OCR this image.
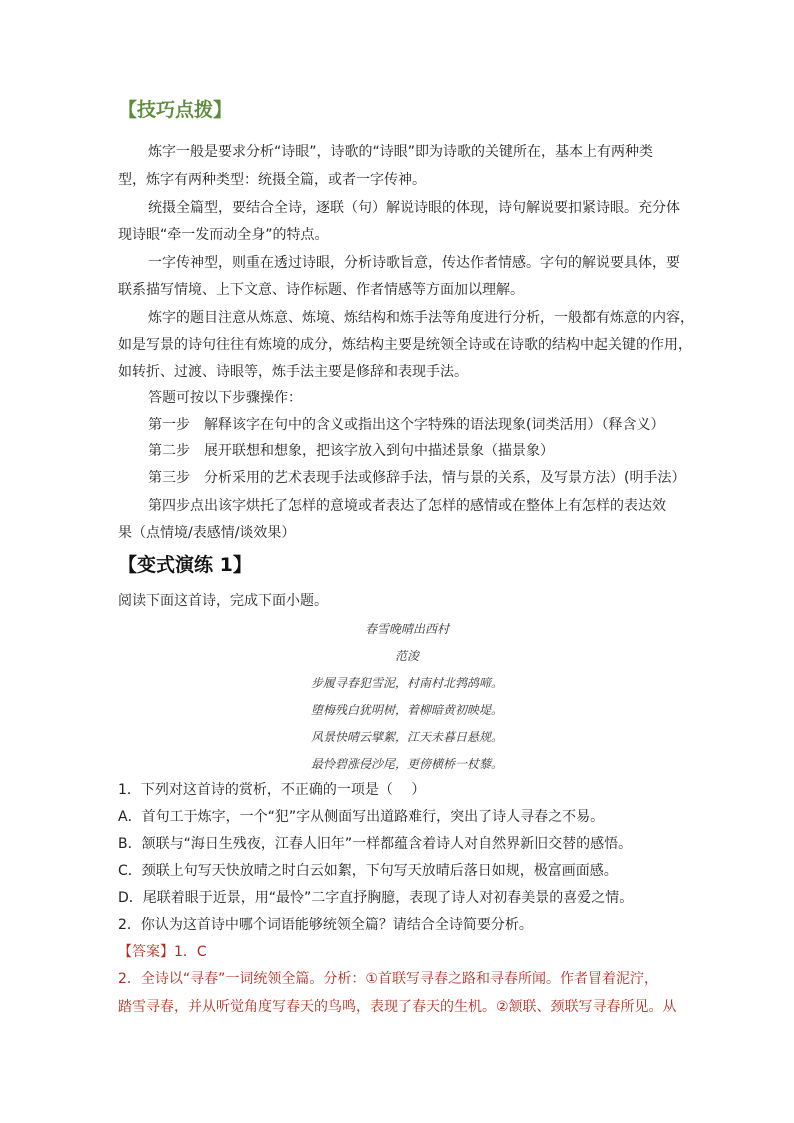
【技巧点拨】
炼字一般是要求分析“诗眼”，诗歌的“诗眼”即为诗歌的关键所在，基本上有两种类
型，炼字有两种类型：统摄全篇，或者一字传神。
统摄全篇型，要结合全诗，逐联（句）解说诗眼的体现，诗句解说要扣紧诗眼。充分体
现诗眼“牵一发而动全身”的特点。
一字传神型，则重在透过诗眼，分析诗歌旨意，传达作者情感。字句的解说要具体，要
联系描写情境、上下文意、诗作标题、作者情感等方面加以理解。
炼字的题目注意从炼意、炼境、炼结构和炼手法等角度进行分析，一般都有炼意的内容，
如是写景的诗句往往有炼境的成分，炼结构主要是统领全诗或在诗歌的结构中起关键的作用，
如转折、过渡、诗眼等，炼手法主要是修辞和表现手法。
答题可按以下步骤操作：
第一步　解释该字在句中的含义或指出这个字特殊的语法现象(词类活用）（释含义）
第二步　展开联想和想象，把该字放入到句中描述景象（描景象）
第三步　分析采用的艺术表现手法或修辞手法，情与景的关系，及写景方法）(明手法）
第四步点出该字烘托了怎样的意境或者表达了怎样的感情或在整体上有怎样的表达效
果（点情境/表感情/谈效果）
【变式演练 1】
阅读下面这首诗，完成下面小题。
春雪晚晴出西村
范浚
步履寻春犯雪泥，村南村北鹁鸪啼。
堕梅残白犹明树，着柳暗黄初映堤。
风景快晴云擘絮，江天未暮日悬规。
最怜碧涨侵沙尾，更傍横桥一杖藜。
1．下列对这首诗的赏析，不正确的一项是（　 ）
A．首句工于炼字，一个“犯”字从侧面写出道路难行，突出了诗人寻春之不易。
B．颔联与“海日生残夜，江春人旧年”一样都蕴含着诗人对自然界新旧交替的感悟。
C．颈联上句写天快放晴之时白云如絮，下句写天放晴后落日如规，极富画面感。
D．尾联着眼于近景，用“最怜”二字直抒胸臆，表现了诗人对初春美景的喜爱之情。
2．你认为这首诗中哪个词语能够统领全篇？请结合全诗简要分析。
【答案】1．C
2．全诗以“寻春”一词统领全篇。分析：①首联写寻春之路和寻春所闻。作者冒着泥泞，
踏雪寻春，并从听觉角度写春天的鸟鸣，表现了春天的生机。②颔联、颈联写寻春所见。从
